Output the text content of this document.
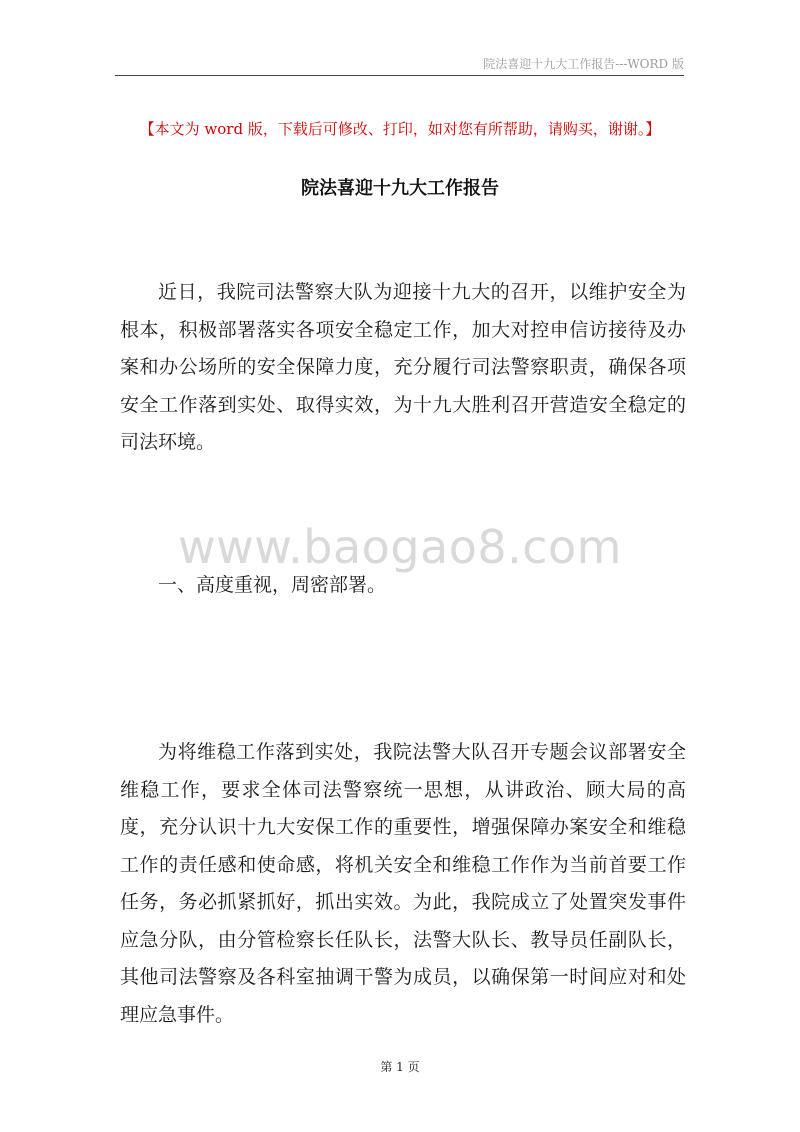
院法喜迎十九大工作报告---WORD 版
【本文为 word 版，下载后可修改、打印，如对您有所帮助，请购买，谢谢。】
院法喜迎十九大工作报告

近日，我院司法警察大队为迎接十九大的召开，以维护安全为根本，积极部署落实各项安全稳定工作，加大对控申信访接待及办案和办公场所的安全保障力度，充分履行司法警察职责，确保各项安全工作落到实处、取得实效，为十九大胜利召开营造安全稳定的司法环境。

www.baogao8.com

一、高度重视，周密部署。

为将维稳工作落到实处，我院法警大队召开专题会议部署安全维稳工作，要求全体司法警察统一思想，从讲政治、顾大局的高度，充分认识十九大安保工作的重要性，增强保障办案安全和维稳工作的责任感和使命感，将机关安全和维稳工作作为当前首要工作任务，务必抓紧抓好，抓出实效。为此，我院成立了处置突发事件应急分队，由分管检察长任队长，法警大队长、教导员任副队长，其他司法警察及各科室抽调干警为成员，以确保第一时间应对和处理应急事件。

第 1 页
